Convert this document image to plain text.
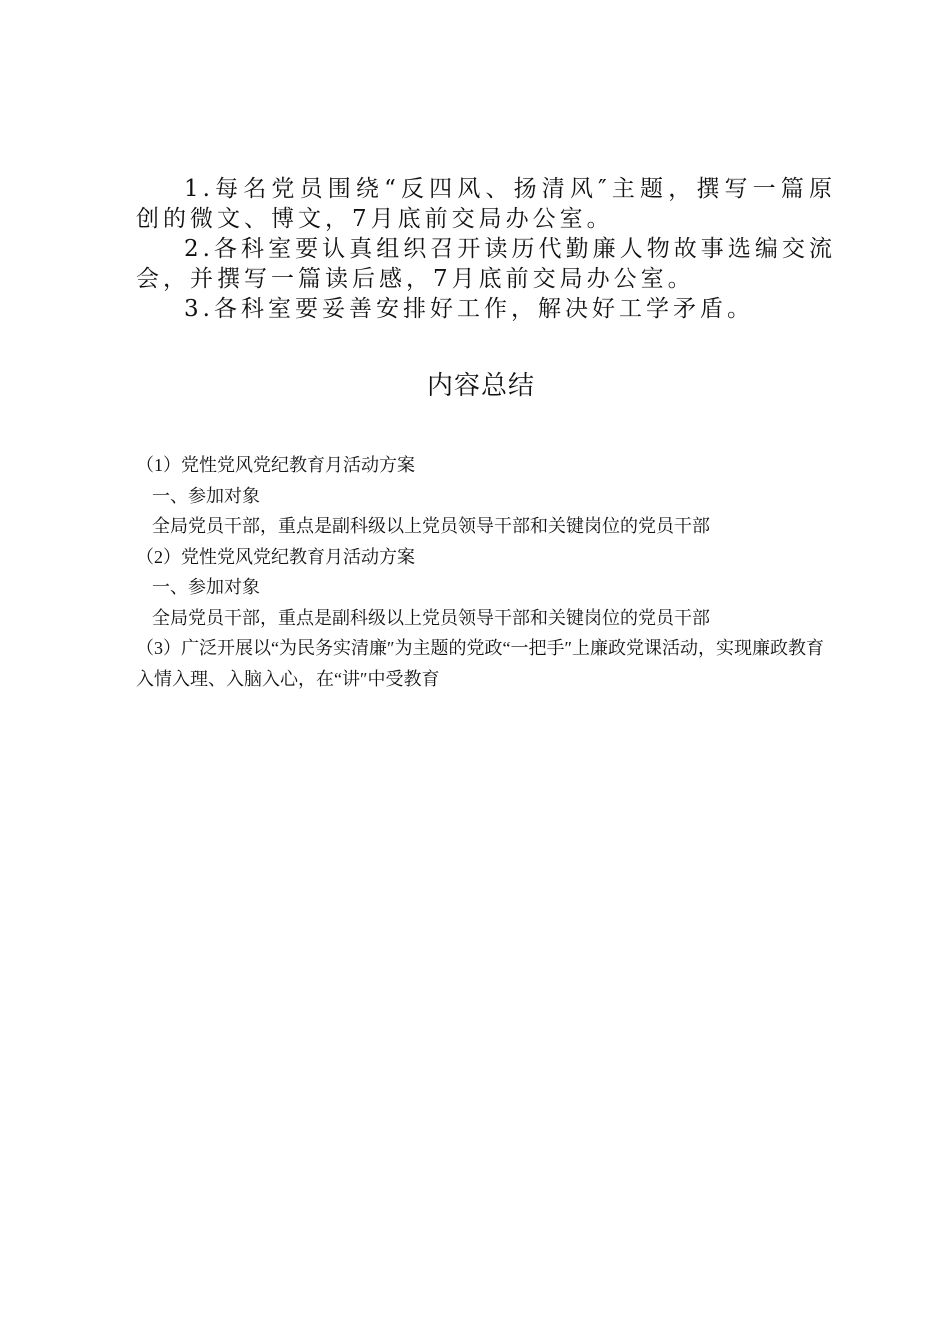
1.每名党员围绕“反四风、扬清风″主题，撰写一篇原创的微文、博文，7月底前交局办公室。

2.各科室要认真组织召开读历代勤廉人物故事选编交流会，并撰写一篇读后感，7月底前交局办公室。

3.各科室要妥善安排好工作，解决好工学矛盾。

内容总结

（1）党性党风党纪教育月活动方案

一、参加对象

全局党员干部，重点是副科级以上党员领导干部和关键岗位的党员干部

（2）党性党风党纪教育月活动方案

一、参加对象

全局党员干部，重点是副科级以上党员领导干部和关键岗位的党员干部

（3）广泛开展以“为民务实清廉″为主题的党政“一把手″上廉政党课活动，实现廉政教育入情入理、入脑入心，在“讲″中受教育
